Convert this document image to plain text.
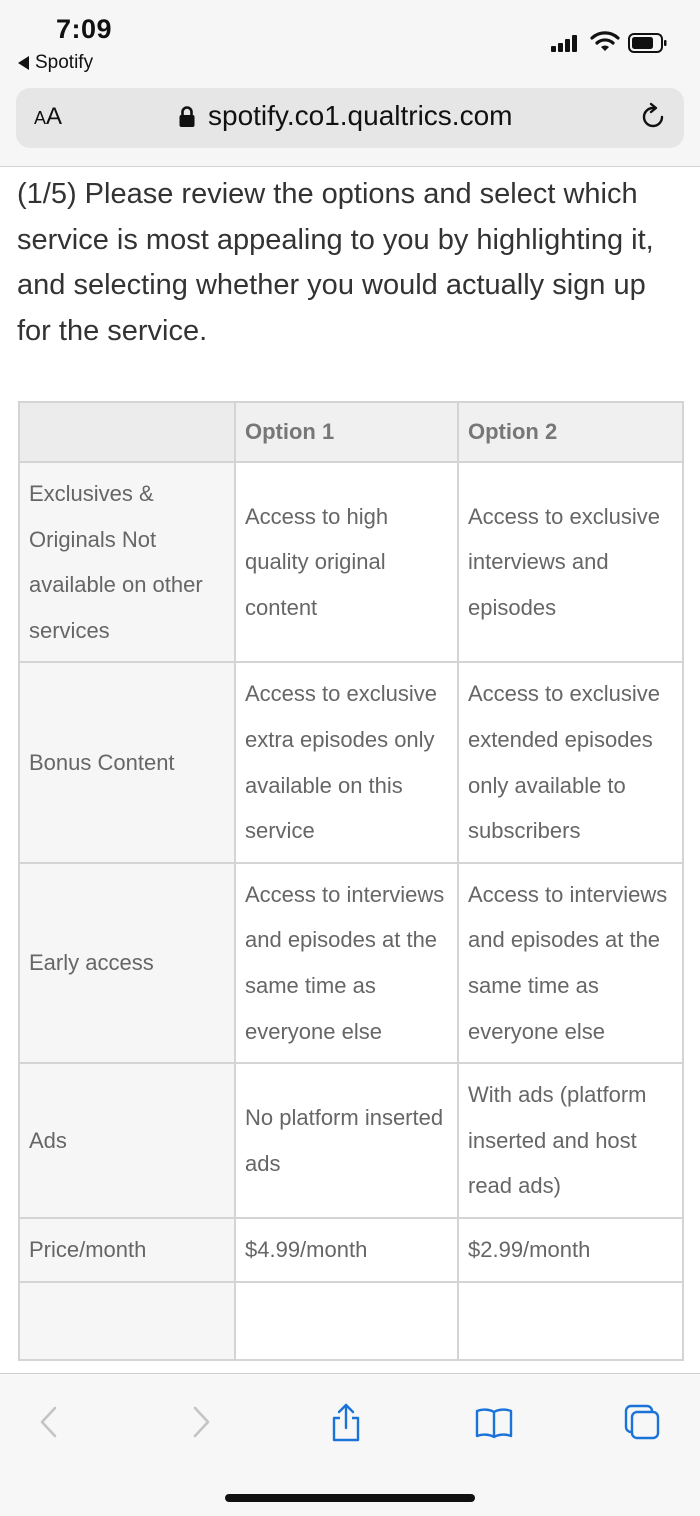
7:09
Spotify
AA	spotify.co1.qualtrics.com
(1/5) Please review the options and select which service is most appealing to you by highlighting it, and selecting whether you would actually sign up for the service.
	Option 1	Option 2
Exclusives & Originals Not available on other services	Access to high quality original content	Access to exclusive interviews and episodes
Bonus Content	Access to exclusive extra episodes only available on this service	Access to exclusive extended episodes only available to subscribers
Early access	Access to interviews and episodes at the same time as everyone else	Access to interviews and episodes at the same time as everyone else
Ads	No platform inserted ads	With ads (platform inserted and host read ads)
Price/month	$4.99/month	$2.99/month
